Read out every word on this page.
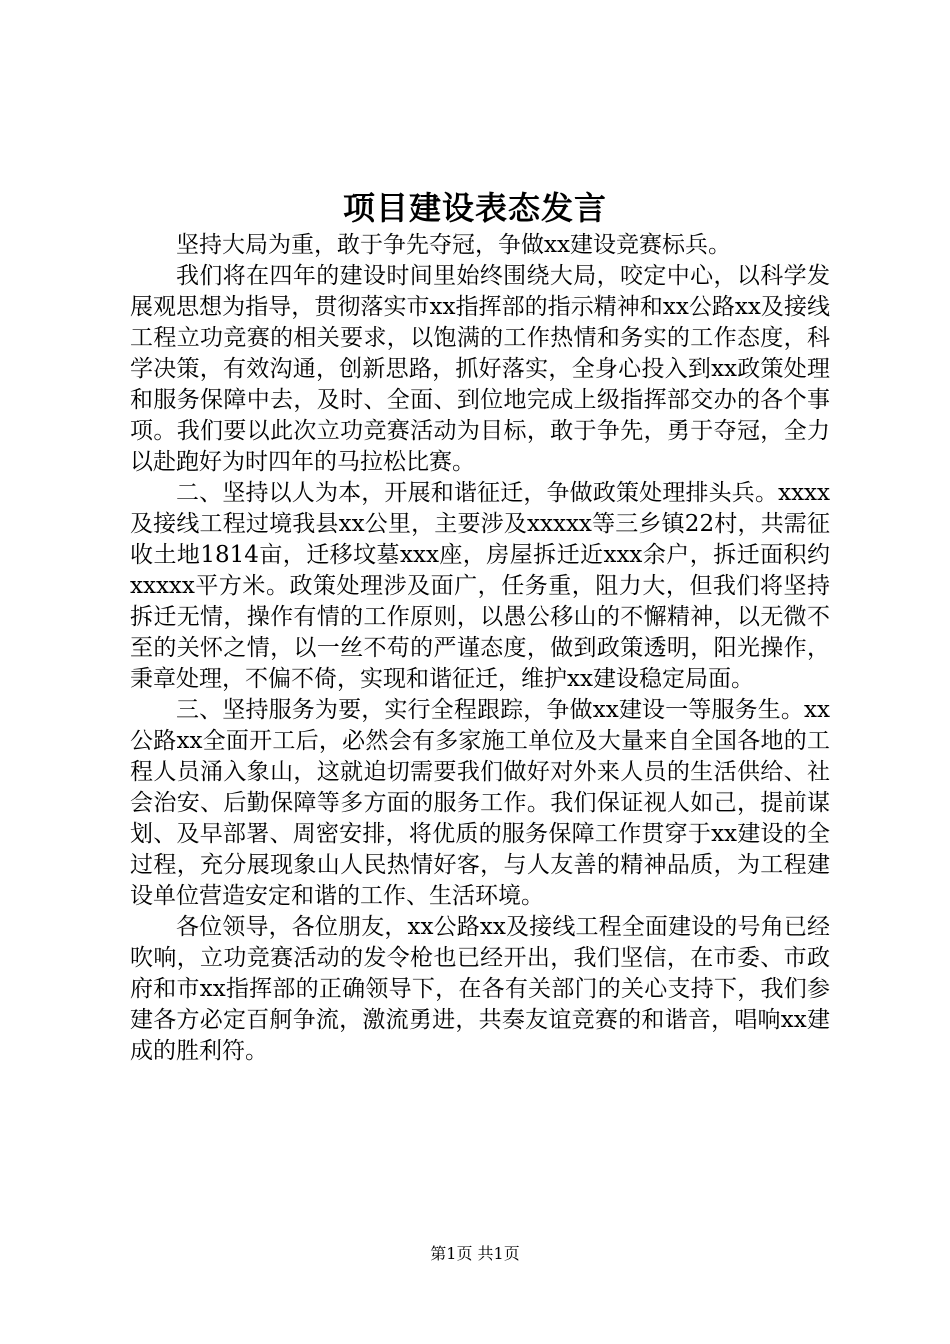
项目建设表态发言

坚持大局为重，敢于争先夺冠，争做xx建设竞赛标兵。

我们将在四年的建设时间里始终围绕大局，咬定中心，以科学发展观思想为指导，贯彻落实市xx指挥部的指示精神和xx公路xx及接线工程立功竞赛的相关要求，以饱满的工作热情和务实的工作态度，科学决策，有效沟通，创新思路，抓好落实，全身心投入到xx政策处理和服务保障中去，及时、全面、到位地完成上级指挥部交办的各个事项。我们要以此次立功竞赛活动为目标，敢于争先，勇于夺冠，全力以赴跑好为时四年的马拉松比赛。

二、坚持以人为本，开展和谐征迁，争做政策处理排头兵。xxxx及接线工程过境我县xx公里，主要涉及xxxxx等三乡镇22村，共需征收土地1814亩，迁移坟墓xxx座，房屋拆迁近xxx余户，拆迁面积约xxxxx平方米。政策处理涉及面广，任务重，阻力大，但我们将坚持拆迁无情，操作有情的工作原则，以愚公移山的不懈精神，以无微不至的关怀之情，以一丝不苟的严谨态度，做到政策透明，阳光操作，秉章处理，不偏不倚，实现和谐征迁，维护xx建设稳定局面。

三、坚持服务为要，实行全程跟踪，争做xx建设一等服务生。xx公路xx全面开工后，必然会有多家施工单位及大量来自全国各地的工程人员涌入象山，这就迫切需要我们做好对外来人员的生活供给、社会治安、后勤保障等多方面的服务工作。我们保证视人如己，提前谋划、及早部署、周密安排，将优质的服务保障工作贯穿于xx建设的全过程，充分展现象山人民热情好客，与人友善的精神品质，为工程建设单位营造安定和谐的工作、生活环境。

各位领导，各位朋友，xx公路xx及接线工程全面建设的号角已经吹响，立功竞赛活动的发令枪也已经开出，我们坚信，在市委、市政府和市xx指挥部的正确领导下，在各有关部门的关心支持下，我们参建各方必定百舸争流，激流勇进，共奏友谊竞赛的和谐音，唱响xx建成的胜利符。

第1页 共1页
